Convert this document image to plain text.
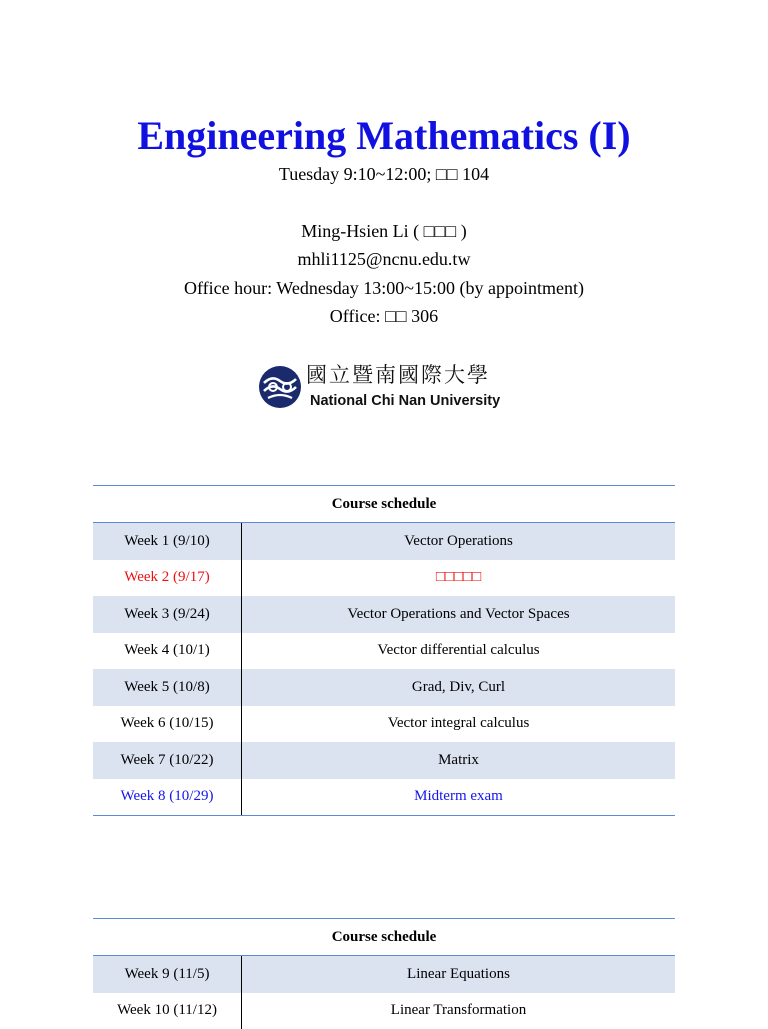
Engineering Mathematics (I)

Tuesday 9:10~12:00; □□ 104

Ming-Hsien Li ( □□□ )

mhli1125@ncnu.edu.tw

Office hour: Wednesday 13:00~15:00 (by appointment)

Office: □□ 306

國立暨南國際大學
National Chi Nan University
Course schedule	
Week 1 (9/10)	Vector Operations
Week 2 (9/17)	□□□□□
Week 3 (9/24)	Vector Operations and Vector Spaces
Week 4 (10/1)	Vector differential calculus
Week 5 (10/8)	Grad, Div, Curl
Week 6 (10/15)	Vector integral calculus
Week 7 (10/22)	Matrix
Week 8 (10/29)	Midterm exam
Course schedule	
Week 9 (11/5)	Linear Equations
Week 10 (11/12)	Linear Transformation
